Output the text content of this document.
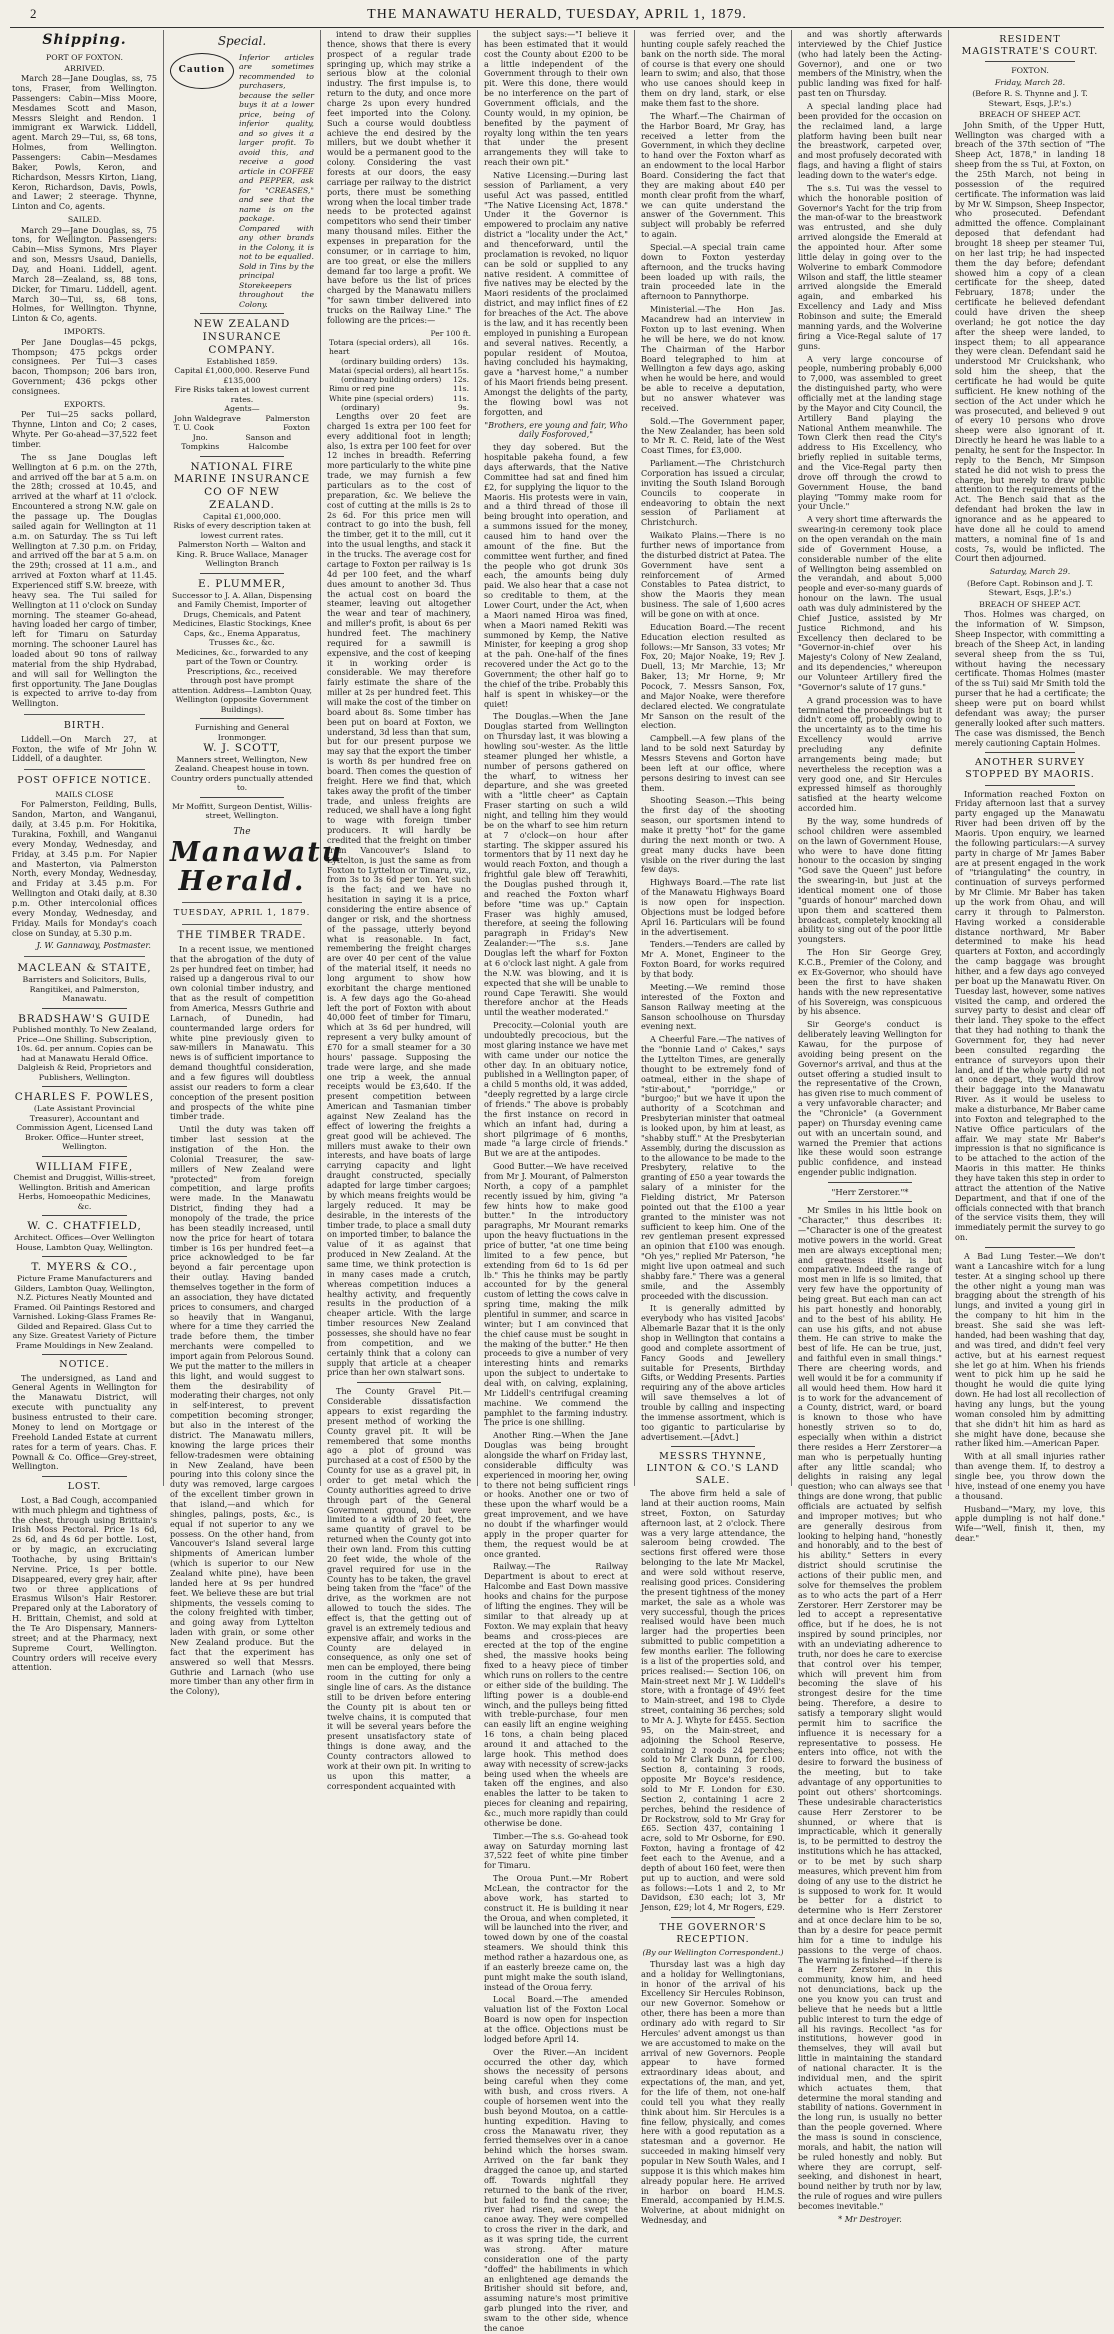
2	THE MANAWATU HERALD, TUESDAY, APRIL 1, 1879.
Shipping.
PORT OF FOXTON.
ARRIVED.

March 28—Jane Douglas, ss, 75 tons, Fraser, from Wellington. Passengers: Cabin—Miss Moore, Mesdames Scott and Mason, Messrs Sleight and Rendon. 1 immigrant ex Warwick. Liddell, agent. March 29—Tui, ss, 68 tons, Holmes, from Wellington. Passengers: Cabin—Mesdames Baker, Powls, Keron, and Richardson, Messrs Kirton, Liang, Keron, Richardson, Davis, Powls, and Lawer; 2 steerage. Thynne, Linton and Co, agents.

SAILED.

March 29—Jane Douglas, ss, 75 tons, for Wellington. Passengers: Cabin—Miss Symons, Mrs Player and son, Messrs Usaud, Daniells, Day, and Hoani. Liddell, agent. March 28—Zealand, ss, 88 tons, Dicker, for Timaru. Liddell, agent. March 30—Tui, ss, 68 tons, Holmes, for Wellington. Thynne, Linton & Co, agents.

IMPORTS.

Per Jane Douglas—45 pckgs, Thompson; 475 pckgs order consignees. Per Tui—3 cases bacon, Thompson; 206 bars iron, Government; 436 pckgs other consignees.

EXPORTS.

Per Tui—25 sacks pollard, Thynne, Linton and Co; 2 cases, Whyte. Per Go-ahead—37,522 feet timber.

The ss Jane Douglas left Wellington at 6 p.m. on the 27th, and arrived off the bar at 5 a.m. on the 28th; crossed at 10.45, and arrived at the wharf at 11 o'clock. Encountered a strong N.W. gale on the passage up. The Douglas sailed again for Wellington at 11 a.m. on Saturday. The ss Tui left Wellington at 7.30 p.m. on Friday, and arrived off the bar at 5 a.m. on the 29th; crossed at 11 a.m., and arrived at Foxton wharf at 11.45. Experienced stiff S.W. breeze, with heavy sea. The Tui sailed for Wellington at 11 o'clock on Sunday morning. The steamer Go-ahead, having loaded her cargo of timber, left for Timaru on Saturday morning. The schooner Laurel has loaded about 90 tons of railway material from the ship Hydrabad, and will sail for Wellington the first opportunity. The Jane Douglas is expected to arrive to-day from Wellington.

BIRTH.

Liddell.—On March 27, at Foxton, the wife of Mr John W. Liddell, of a daughter.

POST OFFICE NOTICE.
MAILS CLOSE

For Palmerston, Feilding, Bulls, Sandon, Marton, and Wanganui, daily, at 3.45 p.m. For Hokitika, Turakina, Foxhill, and Wanganui every Monday, Wednesday, and Friday, at 3.45 p.m. For Napier and Masterton, via Palmerston North, every Monday, Wednesday, and Friday at 3.45 p.m. For Wellington and Otaki daily, at 8.30 p.m. Other intercolonial offices every Monday, Wednesday, and Friday. Mails for Monday's coach close on Sunday, at 5.30 p.m.

J. W. Gannaway, Postmaster.
MACLEAN & STAITE,
Barristers and Solicitors, Bulls, Rangitikei, and Palmerston, Manawatu.
BRADSHAW'S GUIDE
Published monthly. To New Zealand, Price—One Shilling. Subscription, 10s. 6d. per annum. Copies can be had at Manawatu Herald Office. Dalgleish & Reid, Proprietors and Publishers, Wellington.
CHARLES F. POWLES,
(Late Assistant Provincial Treasurer), Accountant and Commission Agent, Licensed Land Broker. Office—Hunter street, Wellington.
WILLIAM FIFE,
Chemist and Druggist, Willis-street, Wellington. British and American Herbs, Homoeopathic Medicines, &c.
W. C. CHATFIELD,
Architect. Offices—Over Wellington House, Lambton Quay, Wellington.
T. MYERS & CO.,
Picture Frame Manufacturers and Gilders, Lambton Quay, Wellington, N.Z. Pictures Neatly Mounted and Framed. Oil Paintings Restored and Varnished. Loking-Glass Frames Re-Gilded and Repaired. Glass Cut to any Size. Greatest Variety of Picture Frame Mouldings in New Zealand.
NOTICE.

The undersigned, as Land and General Agents in Wellington for the Manawatu District, will execute with punctuality any business entrusted to their care. Money to lend on Mortgage or Freehold Landed Estate at current rates for a term of years. Chas. F. Pownall & Co. Office—Grey-street, Wellington.

LOST.

Lost, a Bad Cough, accompanied with much phlegm and tightness of the chest, through using Brittain's Irish Moss Pectoral. Price 1s 6d, 2s 6d, and 4s 6d per bottle. Lost, or by magic, an excruciating Toothache, by using Brittain's Nervine. Price, 1s per bottle. Disappeared, every grey hair, after two or three applications of Erasmus Wilson's Hair Restorer. Prepared only at the Laboratory of H. Brittain, Chemist, and sold at the Te Aro Dispensary, Manners-street; and at the Pharmacy, next Supreme Court, Wellington. Country orders will receive every attention.

Special.
Caution
Inferior articles are sometimes recommended to purchasers, because the seller buys it at a lower price, being of inferior quality, and so gives it a larger profit. To avoid this, and receive a good article in COFFEE and PEPPER, ask for "CREASES," and see that the name is on the package. Compared with any other brands in the Colony, it is not to be equalled. Sold in Tins by the principal Storekeepers throughout the Colony.
NEW ZEALAND INSURANCE COMPANY.
Established 1859.
Capital £1,000,000. Reserve Fund £135,000
Fire Risks taken at lowest current rates.
Agents—
John Waldegrave	Palmerston
T. U. Cook	Foxton
Jno. Tompkins
Sanson and Halcombe
NATIONAL FIRE MARINE INSURANCE CO OF NEW ZEALAND.
Capital £1,000,000.
Risks of every description taken at lowest current rates.
Palmerston North — Walton and King. R. Bruce Wallace, Manager Wellington Branch
E. PLUMMER,
Successor to J. A. Allan, Dispensing and Family Chemist, Importer of Drugs, Chemicals, and Patent Medicines, Elastic Stockings, Knee Caps, &c., Enema Apparatus, Trusses &c., &c.
Medicines, &c., forwarded to any part of the Town or Country. Prescriptions, &c., received through post have prompt attention. Address—Lambton Quay, Wellington (opposite Government Buildings).
Furnishing and General Ironmonger.
W. J. SCOTT,
Manners street, Wellington, New Zealand. Cheapest house in town. Country orders punctually attended to.
Mr Moffitt, Surgeon Dentist, Willis-street, Wellington.
The
Manawatu Herald.
TUESDAY, APRIL 1, 1879.
THE TIMBER TRADE.

In a recent issue, we mentioned that the abrogation of the duty of 2s per hundred feet on timber, had raised up a dangerous rival to our own colonial timber industry, and that as the result of competition from America, Messrs Guthrie and Larnach, of Dunedin, had countermanded large orders for white pine previously given to saw-millers in Manawatu. This news is of sufficient importance to demand thoughtful consideration, and a few figures will doubtless assist our readers to form a clear conception of the present position and prospects of the white pine timber trade.

Until the duty was taken off timber last session at the instigation of the Hon. the Colonial Treasurer, the saw-millers of New Zealand were "protected" from foreign competition, and large profits were made. In the Manawatu District, finding they had a monopoly of the trade, the price has been steadily increased, until now the price for heart of totara timber is 16s per hundred feet—a price acknowledged to be far beyond a fair percentage upon their outlay. Having banded themselves together in the form of an association, they have dictated prices to consumers, and charged so heavily that in Wanganui, where for a time they carried the trade before them, the timber merchants were compelled to import again from Pelorous Sound. We put the matter to the millers in this light, and would suggest to them the desirability of moderating their charges, not only in self-interest, to prevent competition becoming stronger, but also in the interest of the district. The Manawatu millers, knowing the large prices their fellow-tradesmen were obtaining in New Zealand, have been pouring into this colony since the duty was removed, large cargoes of the excellent timber grown in that island,—and which for shingles, palings, posts, &c., is equal if not superior to any we possess. On the other hand, from Vancouver's Island several large shipments of American lumber (which is superior to our New Zealand white pine), have been landed here at 9s per hundred feet. We believe these are but trial shipments, the vessels coming to the colony freighted with timber, and going away from Lyttelton laden with grain, or some other New Zealand produce. But the fact that the experiment has answered so well that Messrs. Guthrie and Larnach (who use more timber than any other firm in the Colony),

intend to draw their supplies thence, shows that there is every prospect of a regular trade springing up, which may strike a serious blow at the colonial industry. The first impulse is, to return to the duty, and once more charge 2s upon every hundred feet imported into the Colony. Such a course would doubtless achieve the end desired by the millers, but we doubt whether it would be a permanent good to the colony. Considering the vast forests at our doors, the easy carriage per railway to the district ports, there must be something wrong when the local timber trade needs to be protected against competitors who send their timber many thousand miles. Either the expenses in preparation for the consumer, or in carriage to him, are too great, or else the millers demand far too large a profit. We have before us the list of prices charged by the Manawatu millers "for sawn timber delivered into trucks on the Railway Line." The following are the prices:—

Per 100 ft.
Totara (special orders), all heart
16s.
(ordinary building orders) 13s.
Matai (special orders), all heart 15s.
(ordinary building orders) 12s.
Rimu or red pine	11s.
White pine (special orders)	11s.
(ordinary)	9s.

Lengths over 20 feet are charged 1s extra per 100 feet for every additional foot in length; also, 1s extra per 100 feet for over 12 inches in breadth. Referring more particularly to the white pine trade, we may furnish a few particulars as to the cost of preparation, &c. We believe the cost of cutting at the mills is 2s to 2s 6d. For this price men will contract to go into the bush, fell the timber, get it to the mill, cut it into the usual lengths, and stack it in the trucks. The average cost for cartage to Foxton per railway is 1s 4d per 100 feet, and the wharf dues amount to another 3d. Thus the actual cost on board the steamer, leaving out altogether the wear and tear of machinery, and miller's profit, is about 6s per hundred feet. The machinery required for a sawmill is expensive, and the cost of keeping it in working order is considerable. We may therefore fairly estimate the share of the miller at 2s per hundred feet. This will make the cost of the timber on board about 8s. Some timber has been put on board at Foxton, we understand, 3d less than that sum, but for our present purpose we may say that the export the timber is worth 8s per hundred free on board. Then comes the question of freight. Here we find that, which takes away the profit of the timber trade, and unless freights are reduced, we shall have a long fight to wage with foreign timber producers. It will hardly be credited that the freight on timber from Vancouver's Island to Lyttelton, is just the same as from Foxton to Lyttelton or Timaru, viz., from 3s to 3s 6d per ton. Yet such is the fact; and we have no hesitation in saying it is a price, considering the entire absence of danger or risk, and the shortness of the passage, utterly beyond what is reasonable. In fact, remembering the freight charges are over 40 per cent of the value of the material itself, it needs no long argument to show how exorbitant the charge mentioned is. A few days ago the Go-ahead left the port of Foxton with about 40,000 feet of timber for Timaru, which at 3s 6d per hundred, will represent a very bulky amount of £70 for a small steamer for a 30 hours' passage. Supposing the trade were large, and she made one trip a week, the annual receipts would be £3,640. If the present competition between American and Tasmanian timber against New Zealand has the effect of lowering the freights a great good will be achieved. The millers must awake to their own interests, and have boats of large carrying capacity and light draught constructed, specially adapted for large timber cargoes; by which means freights would be largely reduced. It may be desirable, in the interests of the timber trade, to place a small duty on imported timber, to balance the value of it as against that produced in New Zealand. At the same time, we think protection is in many cases made a crutch, whereas competition induces a healthy activity, and frequently results in the production of a cheaper article. With the large timber resources New Zealand possesses, she should have no fear from competition, and we certainly think that a colony can supply that article at a cheaper price than her own stalwart sons.

The County Gravel Pit.—Considerable dissatisfaction appears to exist regarding the present method of working the County gravel pit. It will be remembered that some months ago a plot of ground was purchased at a cost of £500 by the County for use as a gravel pit, in order to get metal which the County authorities agreed to drive through part of the General Government ground, but were limited to a width of 20 feet, the same quantity of gravel to be returned when the County got into their own land. From this cutting 20 feet wide, the whole of the gravel required for use in the County has to be taken, the gravel being taken from the "face" of the drive, as the workmen are not allowed to touch the sides. The effect is, that the getting out of gravel is an extremely tedious and expensive affair, and works in the County are delayed in consequence, as only one set of men can be employed, there being room in the cutting for only a single line of cars. As the distance still to be driven before entering the County pit is about ten or twelve chains, it is computed that it will be several years before the present unsatisfactory state of things is done away, and the County contractors allowed to work at their own pit. In writing to us upon this matter, a correspondent acquainted with

the subject says:—"I believe it has been estimated that it would cost the County about £200 to be a little independent of the Government through to their own pit. Were this done, there would be no interference on the part of Government officials, and the County would, in my opinion, be benefited by the payment of royalty long within the ten years that under the present arrangements they will take to reach their own pit."

Native Licensing.—During last session of Parliament, a very useful Act was passed, entitled "The Native Licensing Act, 1878." Under it the Governor is empowered to proclaim any native district a "locality under the Act," and thenceforward, until the proclamation is revoked, no liquor can be sold or supplied to any native resident. A committee of five natives may be elected by the Maori residents of the proclaimed district, and may inflict fines of £2 for breaches of the Act. The above is the law, and it has recently been employed in punishing a European and several natives. Recently, a popular resident of Moutoa, having concluded his haymaking, gave a "harvest home," a number of his Maori friends being present. Amongst the delights of the party, the flowing bowl was not forgotten, and

"Brothers, ere young and fair, Who daily Fosforoved,"

they day sobered. But the hospitable pakeha found, a few days afterwards, that the Native Committee had sat and fined him £2, for supplying the liquor to the Maoris. His protests were in vain, and a third thread of those ill being brought into operation, and a summons issued for the money, caused him to hand over the amount of the fine. But the committee went further, and fined the people who got drunk 30s each, the amounts being duly paid. We also hear that a case not so creditable to them, at the Lower Court, under the Act, when a Maori named Hiroa was fined, when a Maori named Rekiti was summoned by Kemp, the Native Minister, for keeping a grog shop at the pah. One-half of the fines recovered under the Act go to the Government; the other half go to the chief of the tribe. Probably this half is spent in whiskey—or the quiet!

The Douglas.—When the Jane Douglas started from Wellington on Thursday last, it was blowing a howling sou'-wester. As the little steamer plunged her whistle, a number of persons gathered on the wharf, to witness her departure, and she was greeted with a "little cheer" as Captain Fraser starting on such a wild night, and telling him they would be on the wharf to see him return at 7 o'clock—on hour after starting. The skipper assured his tormentors that by 11 next day he would reach Foxton, and though a frightful gale blew off Terawhiti, the Douglas pushed through it, and reached the Foxton wharf before "time was up." Captain Fraser was highly amused, therefore, at seeing the following paragraph in Friday's New Zealander:—"The s.s. Jane Douglas left the wharf for Foxton at 6 o'clock last night. A gale from the N.W. was blowing, and it is expected that she will be unable to round Cape Terawiti. She would therefore anchor at the Heads until the weather moderated."

Precocity.—Colonial youth are undoubtedly precocious, but the most glaring instance we have met with came under our notice the other day. In an obituary notice, published in a Wellington paper, of a child 5 months old, it was added, "deeply regretted by a large circle of friends." The above is probably the first instance on record in which an infant had, during a short pilgrimage of 6 months, made "a large circle of friends." But we are at the antipodes.

Good Butter.—We have received from Mr J. Mourant, of Palmerston North, a copy of a pamphlet recently issued by him, giving "a few hints how to make good butter." In the introductory paragraphs, Mr Mourant remarks upon the heavy fluctuations in the price of butter, "at one time being limited to a few pence, but extending from 6d to 1s 6d per lb." This he thinks may be partly accounted for by the general custom of letting the cows calve in spring time, making the milk plentiful in summer, and scarce in winter; but I am convinced that the chief cause must be sought in the making of the butter." He then proceeds to give a number of very interesting hints and remarks upon the subject to undertake to deal with, on calving, explaining, Mr Liddell's centrifugal creaming machine. We commend the pamphlet to the farming industry. The price is one shilling.

Another Ring.—When the Jane Douglas was being brought alongside the wharf on Friday last, considerable difficulty was experienced in mooring her, owing to there not being sufficient rings or hooks. Another one or two of these upon the wharf would be a great improvement, and we have no doubt if the wharfinger would apply in the proper quarter for them, the request would be at once granted.

Railway.—The Railway Department is about to erect at Halcombe and East Down massive hooks and chains for the purpose of lifting the engines. They will be similar to that already up at Foxton. We may explain that heavy beams and cross-pieces are erected at the top of the engine shed, the massive hooks being fixed to a heavy piece of timber which runs on rollers to the centre or either side of the building. The lifting power is a double-end winch, and the pulleys being fitted with treble-purchase, four men can easily lift an engine weighing 16 tons, a chain being placed around it and attached to the large hook. This method does away with necessity of screw-jacks being used when the wheels are taken off the engines, and also enables the latter to be taken to pieces for cleaning and repairing, &c., much more rapidly than could otherwise be done.

Timber.—The s.s. Go-ahead took away on Saturday morning last 37,522 feet of white pine timber for Timaru.

The Oroua Punt.—Mr Robert McLean, the contractor for the above work, has started to construct it. He is building it near the Oroua, and when completed, it will be launched into the river, and towed down by one of the coastal steamers. We should think this method rather a hazardous one, as if an easterly breeze came on, the punt might make the south island, instead of the Oroua ferry.

Local Board.—The amended valuation list of the Foxton Local Board is now open for inspection at the office. Objections must be lodged before April 14.

Over the River.—An incident occurred the other day, which shows the necessity of persons being careful when they come with bush, and cross rivers. A couple of horsemen went into the bush beyond Moutoa, on a cattle-hunting expedition. Having to cross the Manawatu river, they ferried themselves over in a canoe behind which the horses swam. Arrived on the far bank they dragged the canoe up, and started off. Towards nightfall they returned to the bank of the river, but failed to find the canoe; the river had risen, and swept the canoe away. They were compelled to cross the river in the dark, and as it was spring tide, the current was strong. After mature consideration one of the party "doffed" the habiliments in which an enlightened age demands the Britisher should sit before, and, assuming nature's most primitive garb plunged into the river, and swam to the other side, whence the canoe

was ferried over, and the hunting couple safely reached the bank on the north side. The moral of course is that every one should learn to swim; and also, that those who use canoes should keep in them on dry land, stark, or else make them fast to the shore.

The Wharf.—The Chairman of the Harbor Board, Mr Gray, has received a letter from the Government, in which they decline to hand over the Foxton wharf as an endowment to the local Harbor Board. Considering the fact that they are making about £40 per month clear profit from the wharf, we can quite understand the answer of the Government. This subject will probably be referred to again.

Special.—A special train came down to Foxton yesterday afternoon, and the trucks having been loaded up with rails, the train proceeded late in the afternoon to Pannythorpe.

Ministerial.—The Hon Jas. Macandrew had an interview in Foxton up to last evening. When he will be here, we do not know. The Chairman of the Harbor Board telegraphed to him at Wellington a few days ago, asking when he would be here, and would be able to receive a deputation, but no answer whatever was received.

Sold.—The Government paper, the New Zealander, has been sold to Mr R. C. Reid, late of the West Coast Times, for £3,000.

Parliament.—The Christchurch Corporation has issued a circular, inviting the South Island Borough Councils to cooperate in endeavoring to obtain the next session of Parliament at Christchurch.

Waikato Plains.—There is no further news of importance from the disturbed district at Patea. The Government have sent a reinforcement of Armed Constables to Patea district, to show the Maoris they mean business. The sale of 1,600 acres will be gone on with at once.

Education Board.—The recent Education election resulted as follows:—Mr Sanson, 33 votes; Mr Fox, 20; Major Noake, 19; Rev J. Duell, 13; Mr Marchie, 13; Mr Baker, 13; Mr Horne, 9; Mr Pocock, 7. Messrs Sanson, Fox, and Major Noake, were therefore declared elected. We congratulate Mr Sanson on the result of the election.

Campbell.—A few plans of the land to be sold next Saturday by Messrs Stevens and Gorton have been left at our office, where persons desiring to invest can see them.

Shooting Season.—This being the first day of the shooting season, our sportsmen intend to make it pretty "hot" for the game during the next month or two. A great many ducks have been visible on the river during the last few days.

Highways Board.—The rate list of the Manawatu Highways Board is now open for inspection. Objections must be lodged before April 16. Particulars will be found in the advertisement.

Tenders.—Tenders are called by Mr A. Monet, Engineer to the Foxton Board, for works required by that body.

Meeting.—We remind those interested of the Foxton and Sanson Railway meeting at the Sanson schoolhouse on Thursday evening next.

A Cheerful Fare.—The natives of the "bonnie Land o' Cakes," says the Lyttelton Times, are generally thought to be extremely fond of oatmeal, either in the shape of "stir-about," "porridge," or "burgoo;" but we have it upon the authority of a Scotchman and Presbyterian minister that oatmeal is looked upon, by him at least, as "shabby stuff." At the Presbyterian Assembly, during the discussion as to the allowance to be made to the Presbytery, relative to the granting of £50 a year towards the salary of a minister for the Fielding district, Mr Paterson pointed out that the £100 a year granted to the minister was not sufficient to keep him. One of the rev gentleman present expressed an opinion that £100 was enough. "Oh yes," replied Mr Paterson, "he might live upon oatmeal and such shabby fare." There was a general smile, and the Assembly proceeded with the discussion.

It is generally admitted by everybody who has visited Jacobs' Albemarle Bazar that it is the only shop in Wellington that contains a good and complete assortment of Fancy Goods and Jewellery suitable for Presents, Birthday Gifts, or Wedding Presents. Parties requiring any of the above articles will save themselves a lot of trouble by calling and inspecting the immense assortment, which is too gigantic to particularise by advertisement.—[Advt.]

MESSRS THYNNE, LINTON & CO.'S LAND SALE.

The above firm held a sale of land at their auction rooms, Main street, Foxton, on Saturday afternoon last, at 2 o'clock. There was a very large attendance, the saleroom being crowded. The sections first offered were those belonging to the late Mr Mackel, and were sold without reserve, realising good prices. Considering the present tightness of the money market, the sale as a whole was very successful, though the prices realised would have been much larger had the properties been submitted to public competition a few months earlier. The following is a list of the properties sold, and prices realised:— Section 106, on Main-street next Mr J. W. Liddell's store, with a frontage of 49½ feet to Main-street, and 198 to Clyde street, containing 36 perches; sold to Mr A. J. Whyte for £455. Section 95, on the Main-street, and adjoining the School Reserve, containing 2 roods 24 perches; sold to Mr Clark Dunn, for £100. Section 8, containing 3 roods, opposite Mr Boyce's residence, sold to Mr F. London for £30. Section 2, containing 1 acre 2 perches, behind the residence of Dr Rockstrow, sold to Mr Gray for £65. Section 437, containing 1 acre, sold to Mr Osborne, for £90. Foxton, having a frontage of 42 feet each to the Avenue, and a depth of about 160 feet, were then put up to auction, and were sold as follows:—Lots 1 and 2, to Mr Davidson, £30 each; lot 3, Mr Jenson, £29; lot 4, Mr Rogers, £29.

THE GOVERNOR'S RECEPTION.
(By our Wellington Correspondent.)

Thursday last was a high day and a holiday for Wellingtonians, in honor of the arrival of his Excellency Sir Hercules Robinson, our new Governor. Somehow or other, there has been a more than ordinary ado with regard to Sir Hercules' advent amongst us than we are accustomed to make on the arrival of new Governors. People appear to have formed extraordinary ideas about, and expectations of, the man, and yet, for the life of them, not one-half could tell you what they really think about him. Sir Hercules is a fine fellow, physically, and comes here with a good reputation as a statesman and a governor. He succeeded in making himself very popular in New South Wales, and I suppose it is this which makes him already popular here. He arrived in harbor on board H.M.S. Emerald, accompanied by H.M.S. Wolverine, at about midnight on Wednesday, and

and was shortly afterwards interviewed by the Chief Justice (who had lately been the Acting-Governor), and one or two members of the Ministry, when the public landing was fixed for half-past ten on Thursday.

A special landing place had been provided for the occasion on the reclaimed land, a large platform having been built near the breastwork, carpeted over, and most profusely decorated with flags, and having a flight of stairs leading down to the water's edge.

The s.s. Tui was the vessel to which the honorable position of Governor's Yacht for the trip from the man-of-war to the breastwork was entrusted, and she duly arrived alongside the Emerald at the appointed hour. After some little delay in going over to the Wolverine to embark Commodore Wilson and staff, the little steamer arrived alongside the Emerald again, and embarked his Excellency and Lady and Miss Robinson and suite; the Emerald manning yards, and the Wolverine firing a Vice-Regal salute of 17 guns.

A very large concourse of people, numbering probably 6,000 to 7,000, was assembled to greet the distinguished party, who were officially met at the landing stage by the Mayor and City Council, the Artillery Band playing the National Anthem meanwhile. The Town Clerk then read the City's address to His Excellency, who briefly replied in suitable terms, and the Vice-Regal party then drove off through the crowd to Government House, the band playing "Tommy make room for your Uncle."

A very short time afterwards the swearing-in ceremony took place on the open verandah on the main side of Government House, a considerable number of the elite of Wellington being assembled on the verandah, and about 5,000 people and ever-so-many guards of honour on the lawn. The usual oath was duly administered by the Chief Justice, assisted by Mr Justice Richmond, and his Excellency then declared to be "Governor-in-chief over his Majesty's Colony of New Zealand, and its dependencies," whereupon our Volunteer Artillery fired the "Governor's salute of 17 guns."

A grand procession was to have terminated the proceedings but it didn't come off, probably owing to the uncertainty as to the time his Excellency would arrive precluding any definite arrangements being made; but nevertheless the reception was a very good one, and Sir Hercules expressed himself as thoroughly satisfied at the hearty welcome accorded him.

By the way, some hundreds of school children were assembled on the lawn of Government House, who were to have done fitting honour to the occasion by singing "God save the Queen" just before the swearing-in, but just at the identical moment one of those "guards of honour" marched down upon them and scattered them broadcast, completely knocking all ability to sing out of the poor little youngsters.

The Hon Sir George Grey, K.C.B., Premier of the Colony, and ex Ex-Governor, who should have been the first to have shaken hands with the new representative of his Sovereign, was conspicuous by his absence.

Sir George's conduct is deliberately leaving Wellington for Kawau, for the purpose of avoiding being present on the Governor's arrival, and thus at the outset offering a studied insult to the representative of the Crown, has given rise to much comment of a very unfavorable character; and the "Chronicle" (a Government paper) on Thursday evening came out with an uncertain sound, and warned the Premier that actions like these would soon estrange public confidence, and instead engender public indignation.

"Herr Zerstorer."*

Mr Smiles in his little book on "Character," thus describes it:—"Character is one of the greatest motive powers in the world. Great men are always exceptional men; and greatness itself is but comparative. Indeed the range of most men in life is so limited, that very few have the opportunity of being great. But each man can act his part honestly and honorably, and to the best of his ability. He can use his gifts, and not abuse them. He can strive to make the best of life. He can be true, just, and faithful even in small things." There are cheering words, and well would it be for a community if all would heed them. How hard it is to work for the advancement of a County, district, ward, or board is known to those who have honestly striven so to do, especially when within a district there resides a Herr Zerstorer—a man who is perpetually hunting after any little scandal; who delights in raising any legal question; who can always see that things are done wrong, that public officials are actuated by selfish and improper motives; but who are generally desirous from looking to helping hand, "honestly and honorably, and to the best of his ability." Setters in every district should scrutinise the actions of their public men, and solve for themselves the problem as to who acts the part of a Herr Zerstorer. Herr Zerstorer may be led to accept a representative office, but if he does, he is not inspired by sound principles, nor with an undeviating adherence to truth, nor does he care to exercise that control over his temper, which will prevent him from becoming the slave of his strongest desire for the time being. Therefore, a desire to satisfy a temporary slight would permit him to sacrifice the influence it is necessary for a representative to possess. He enters into office, not with the desire to forward the business of the meeting, but to take advantage of any opportunities to point out others' shortcomings. These undesirable characteristics cause Herr Zerstorer to be shunned, or where that is impracticable, which it generally is, to be permitted to destroy the institutions which he has attacked, or to be met by such sharp measures, which prevent him from doing of any use to the district he is supposed to work for. It would be better for a district to determine who is Herr Zerstorer and at once declare him to be so, than by a desire for peace permit him for a time to indulge his passions to the verge of chaos. The warning is finished—if there is a Herr Zerstorer in this community, know him, and heed not denunciations, back up the one you know you can trust and believe that he needs but a little public interest to turn the edge of all his ravings. Recollect "as for institutions, however good in themselves, they will avail but little in maintaining the standard of national character. It is the individual men, and the spirit which actuates them, that determine the moral standing and stability of nations. Government in the long run, is usually no better than the people governed. Where the mass is sound in conscience, morals, and habit, the nation will be ruled honestly and nobly. But where they are corrupt, self-seeking, and dishonest in heart, bound neither by truth nor by law, the rule of rogues and wire pullers becomes inevitable."

* Mr Destroyer.

RESIDENT MAGISTRATE'S COURT.
FOXTON.
Friday, March 28.
(Before R. S. Thynne and J. T. Stewart, Esqs, J.P.'s.)
BREACH OF SHEEP ACT.

John Smith, of the Upper Hutt, Wellington was charged with a breach of the 37th section of "The Sheep Act, 1878," in landing 18 sheep from the ss Tui, at Foxton, on the 25th March, not being in possession of the required certificate. The information was laid by Mr W. Simpson, Sheep Inspector, who prosecuted. Defendant admitted the offence. Complainant deposed that defendant had brought 18 sheep per steamer Tui, on her last trip; he had inspected them the day before; defendant showed him a copy of a clean certificate for the sheep, dated February, 1878; under the certificate he believed defendant could have driven the sheep overland; he got notice the day after the sheep were landed, to inspect them; to all appearance they were clean. Defendant said he understood Mr Cruickshank, who sold him the sheep, that the certificate he had would be quite sufficient. He knew nothing of the section of the Act under which he was prosecuted, and believed 9 out of every 10 persons who drove sheep were also ignorant of it. Directly he heard he was liable to a penalty, he sent for the Inspector. In reply to the Bench, Mr Simpson stated he did not wish to press the charge, but merely to draw public attention to the requirements of the Act. The Bench said that as the defendant had broken the law in ignorance and as he appeared to have done all he could to amend matters, a nominal fine of 1s and costs, 7s, would be inflicted. The Court then adjourned.

Saturday, March 29.
(Before Capt. Robinson and J. T. Stewart, Esqs, J.P.'s.)
BREACH OF SHEEP ACT.

Thos. Holmes was charged, on the information of W. Simpson, Sheep Inspector, with committing a breach of the Sheep Act, in landing several sheep from the ss Tui, without having the necessary certificate. Thomas Holmes (master of the ss Tui) said Mr Smith told the purser that he had a certificate; the sheep were put on board whilst defendant was away; the purser generally looked after such matters. The case was dismissed, the Bench merely cautioning Captain Holmes.

ANOTHER SURVEY STOPPED BY MAORIS.

Information reached Foxton on Friday afternoon last that a survey party engaged up the Manawatu River had been driven off by the Maoris. Upon enquiry, we learned the following particulars:—A survey party in charge of Mr James Baber are at present engaged in the work of "triangulating" the country, in continuation of surveys performed by Mr Climie. Mr Baber has taken up the work from Ohau, and will carry it through to Palmerston. Having worked a considerable distance northward, Mr Baber determined to make his head quarters at Foxton, and accordingly the camp baggage was brought hither, and a few days ago conveyed per boat up the Manawatu River. On Tuesday last, however, some natives visited the camp, and ordered the survey party to desist and clear off their land. They spoke to the effect that they had nothing to thank the Government for, they had never been consulted regarding the entrance of surveyors upon their land, and if the whole party did not at once depart, they would throw their baggage into the Manawatu River. As it would be useless to make a disturbance, Mr Baber came into Foxton and telegraphed to the Native Office particulars of the affair. We may state Mr Baber's impression is that no significance is to be attached to the action of the Maoris in this matter. He thinks they have taken this step in order to attract the attention of the Native Department, and that if one of the officials connected with that branch of the service visits them, they will immediately permit the survey to go on.

A Bad Lung Tester.—We don't want a Lancashire witch for a lung tester. At a singing school up there the other night a young man was bragging about the strength of his lungs, and invited a young girl in the company to hit him in the breast. She said she was left-handed, had been washing that day, and was tired, and didn't feel very active, but at his earnest request she let go at him. When his friends went to pick him up he said he thought he would die quite lying down. He had lost all recollection of having any lungs, but the young woman consoled him by admitting that she didn't hit him as hard as she might have done, because she rather liked him.—American Paper.

With at all small injuries rather than avenge them. If, to destroy a single bee, you throw down the hive, instead of one enemy you have a thousand.

Husband—"Mary, my love, this apple dumpling is not half done." Wife—"Well, finish it, then, my dear."
